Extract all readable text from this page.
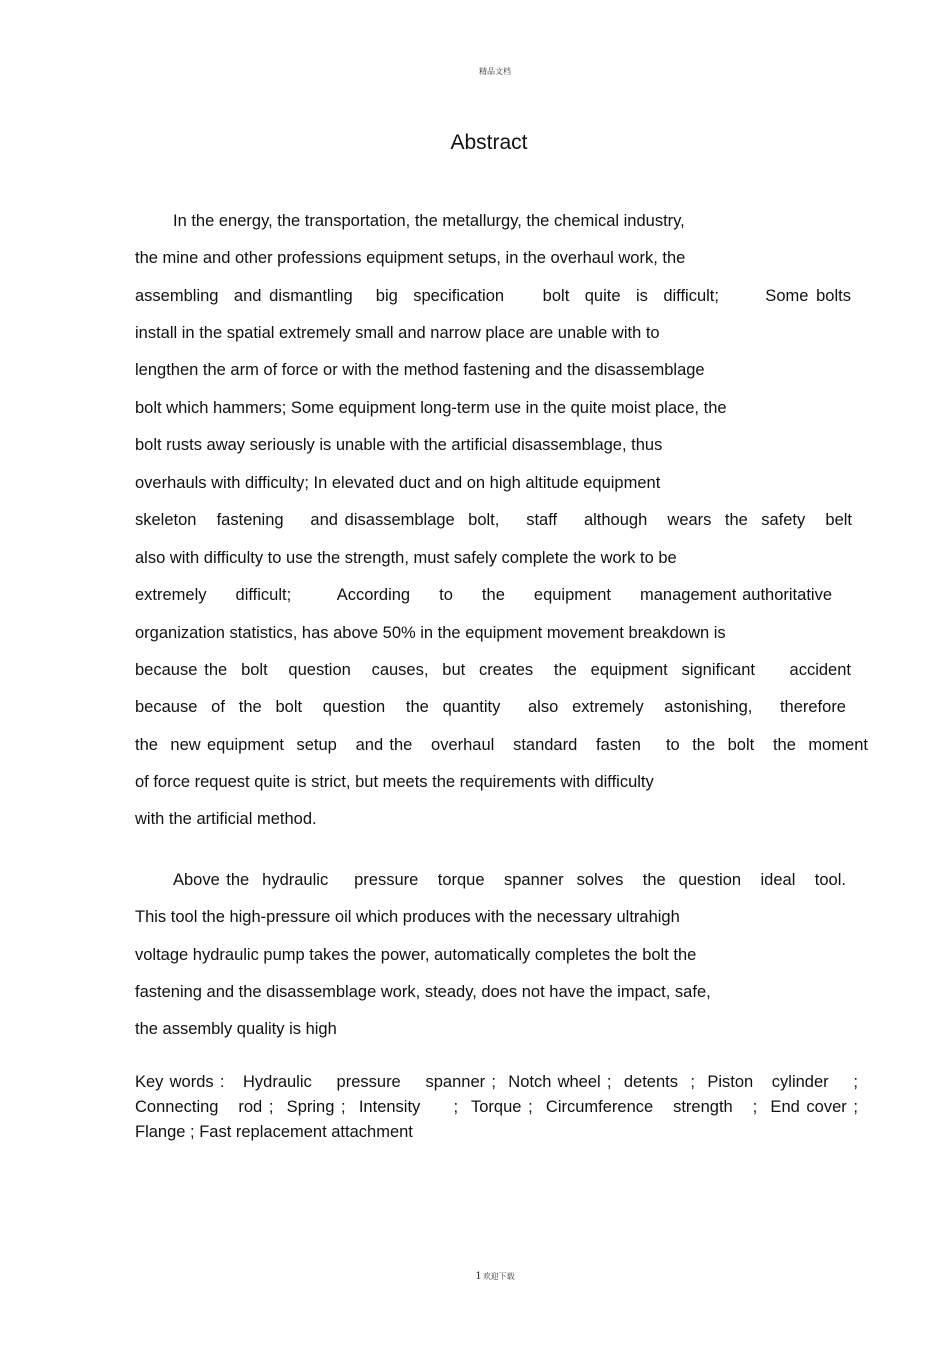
精品文档
Abstract
In the energy, the transportation, the metallurgy, the chemical industry,
the mine and other professions equipment setups, in the overhaul work, the
assembling  and dismantling   big  specification     bolt  quite  is  difficult;      Some bolts
install in the spatial extremely small and narrow place are unable with to
lengthen the arm of force or with the method fastening and the disassemblage
bolt which hammers; Some equipment long-term use in the quite moist place, the
bolt rusts away seriously is unable with the artificial disassemblage, thus
overhauls with difficulty; In elevated duct and on high altitude equipment
skeleton   fastening    and disassemblage  bolt,    staff    although   wears  the  safety   belt
also with difficulty to use the strength, must safely complete the work to be
extremely     difficult;        According     to     the     equipment     management authoritative
organization statistics, has above 50% in the equipment movement breakdown is
because the  bolt   question   causes,  but  creates   the  equipment  significant     accident
because  of  the  bolt   question   the  quantity    also  extremely   astonishing,    therefore
the  new equipment  setup   and the   overhaul   standard   fasten    to  the  bolt   the  moment
of force request quite is strict, but meets the requirements with difficulty
with the artificial method.
Above the  hydraulic    pressure   torque   spanner  solves   the  question   ideal   tool.
This tool the high-pressure oil which produces with the necessary ultrahigh
voltage hydraulic pump takes the power, automatically completes the bolt the
fastening and the disassemblage work, steady, does not have the impact, safe,
the assembly quality is high
Key words :   Hydraulic    pressure    spanner ;  Notch wheel ;  detents  ;  Piston   cylinder    ;
Connecting   rod ;  Spring ;  Intensity     ;  Torque ;  Circumference   strength   ;  End cover ;
Flange ; Fast replacement attachment
1欢迎下载
